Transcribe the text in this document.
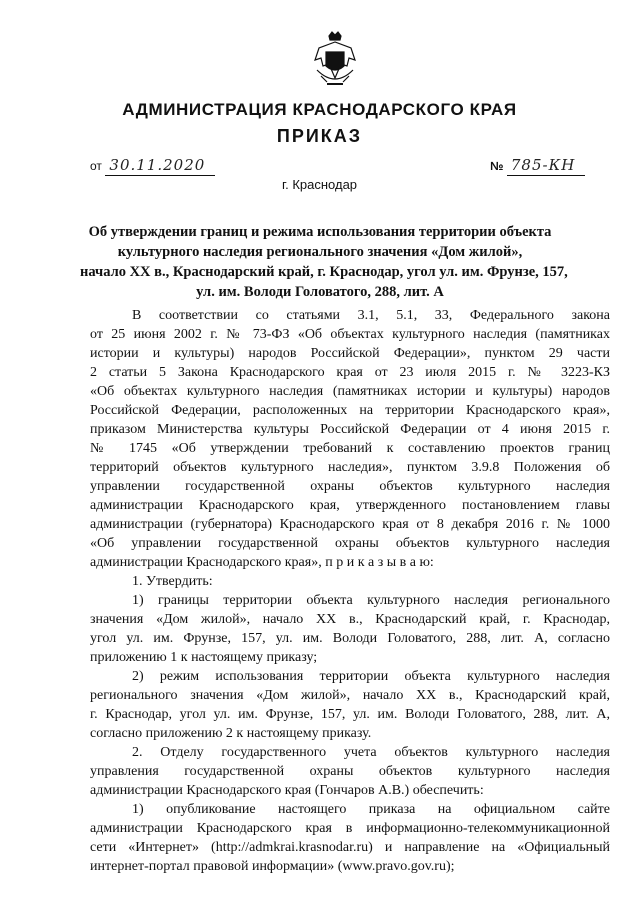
АДМИНИСТРАЦИЯ КРАСНОДАРСКОГО КРАЯ
ПРИКАЗ
от 30.11.2020	№ 785-КН
г. Краснодар
Об утверждении границ и режима использования территории объекта
культурного наследия регионального значения «Дом жилой»,
начало XX в., Краснодарский край, г. Краснодар, угол ул. им. Фрунзе, 157,
ул. им. Володи Головатого, 288, лит. А
В соответствии со статьями 3.1, 5.1, 33, Федерального закона
от 25 июня 2002 г. № 73-ФЗ «Об объектах культурного наследия (памятниках
истории и культуры) народов Российской Федерации», пунктом 29 части
2 статьи 5 Закона Краснодарского края от 23 июля 2015 г. № 3223-КЗ
«Об объектах культурного наследия (памятниках истории и культуры) народов
Российской Федерации, расположенных на территории Краснодарского края»,
приказом Министерства культуры Российской Федерации от 4 июня 2015 г.
№ 1745 «Об утверждении требований к составлению проектов границ
территорий объектов культурного наследия», пунктом 3.9.8 Положения об
управлении государственной охраны объектов культурного наследия
администрации Краснодарского края, утвержденного постановлением главы
администрации (губернатора) Краснодарского края от 8 декабря 2016 г. № 1000
«Об управлении государственной охраны объектов культурного наследия
администрации Краснодарского края», п р и к а з ы в а ю:
1. Утвердить:
1) границы территории объекта культурного наследия регионального
значения «Дом жилой», начало XX в., Краснодарский край, г. Краснодар,
угол ул. им. Фрунзе, 157, ул. им. Володи Головатого, 288, лит. А, согласно
приложению 1 к настоящему приказу;
2) режим использования территории объекта культурного наследия
регионального значения «Дом жилой», начало XX в., Краснодарский край,
г. Краснодар, угол ул. им. Фрунзе, 157, ул. им. Володи Головатого, 288, лит. А,
согласно приложению 2 к настоящему приказу.
2. Отделу государственного учета объектов культурного наследия
управления государственной охраны объектов культурного наследия
администрации Краснодарского края (Гончаров А.В.) обеспечить:
1) опубликование настоящего приказа на официальном сайте
администрации Краснодарского края в информационно-телекоммуникационной
сети «Интернет» (http://admkrai.krasnodar.ru) и направление на «Официальный
интернет-портал правовой информации» (www.pravo.gov.ru);
